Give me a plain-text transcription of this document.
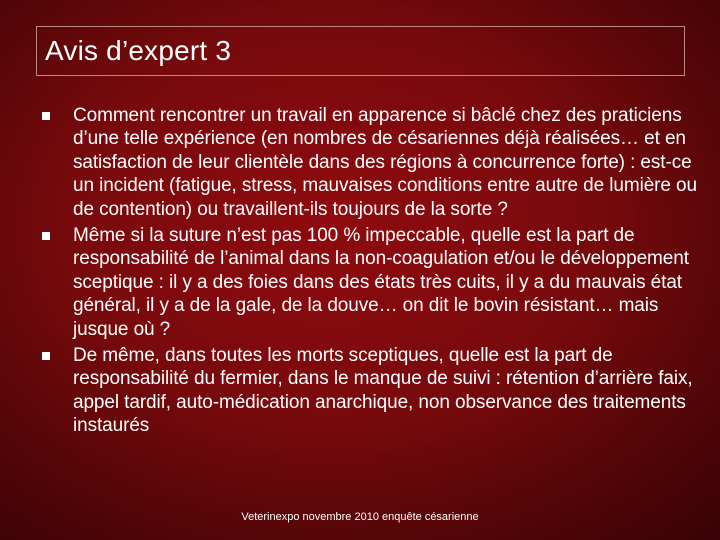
Avis d’expert 3
Comment rencontrer un travail en apparence si bâclé chez des praticiens d’une telle expérience (en nombres de césariennes déjà réalisées… et en satisfaction de leur clientèle dans des régions à concurrence forte) : est-ce un incident (fatigue, stress, mauvaises conditions entre autre de lumière ou de contention) ou travaillent-ils toujours de la sorte ?
Même si la suture n’est pas 100 % impeccable, quelle est la part de responsabilité de l’animal dans la non-coagulation et/ou le développement sceptique : il y a des foies dans des états très cuits, il y a du mauvais état général, il y a de la gale, de la douve… on dit le bovin résistant… mais jusque où ?
De même, dans toutes les morts sceptiques, quelle est la part de responsabilité du fermier, dans le manque de suivi : rétention d’arrière faix, appel tardif, auto-médication anarchique, non observance des traitements instaurés
Veterinexpo novembre 2010 enquête césarienne
